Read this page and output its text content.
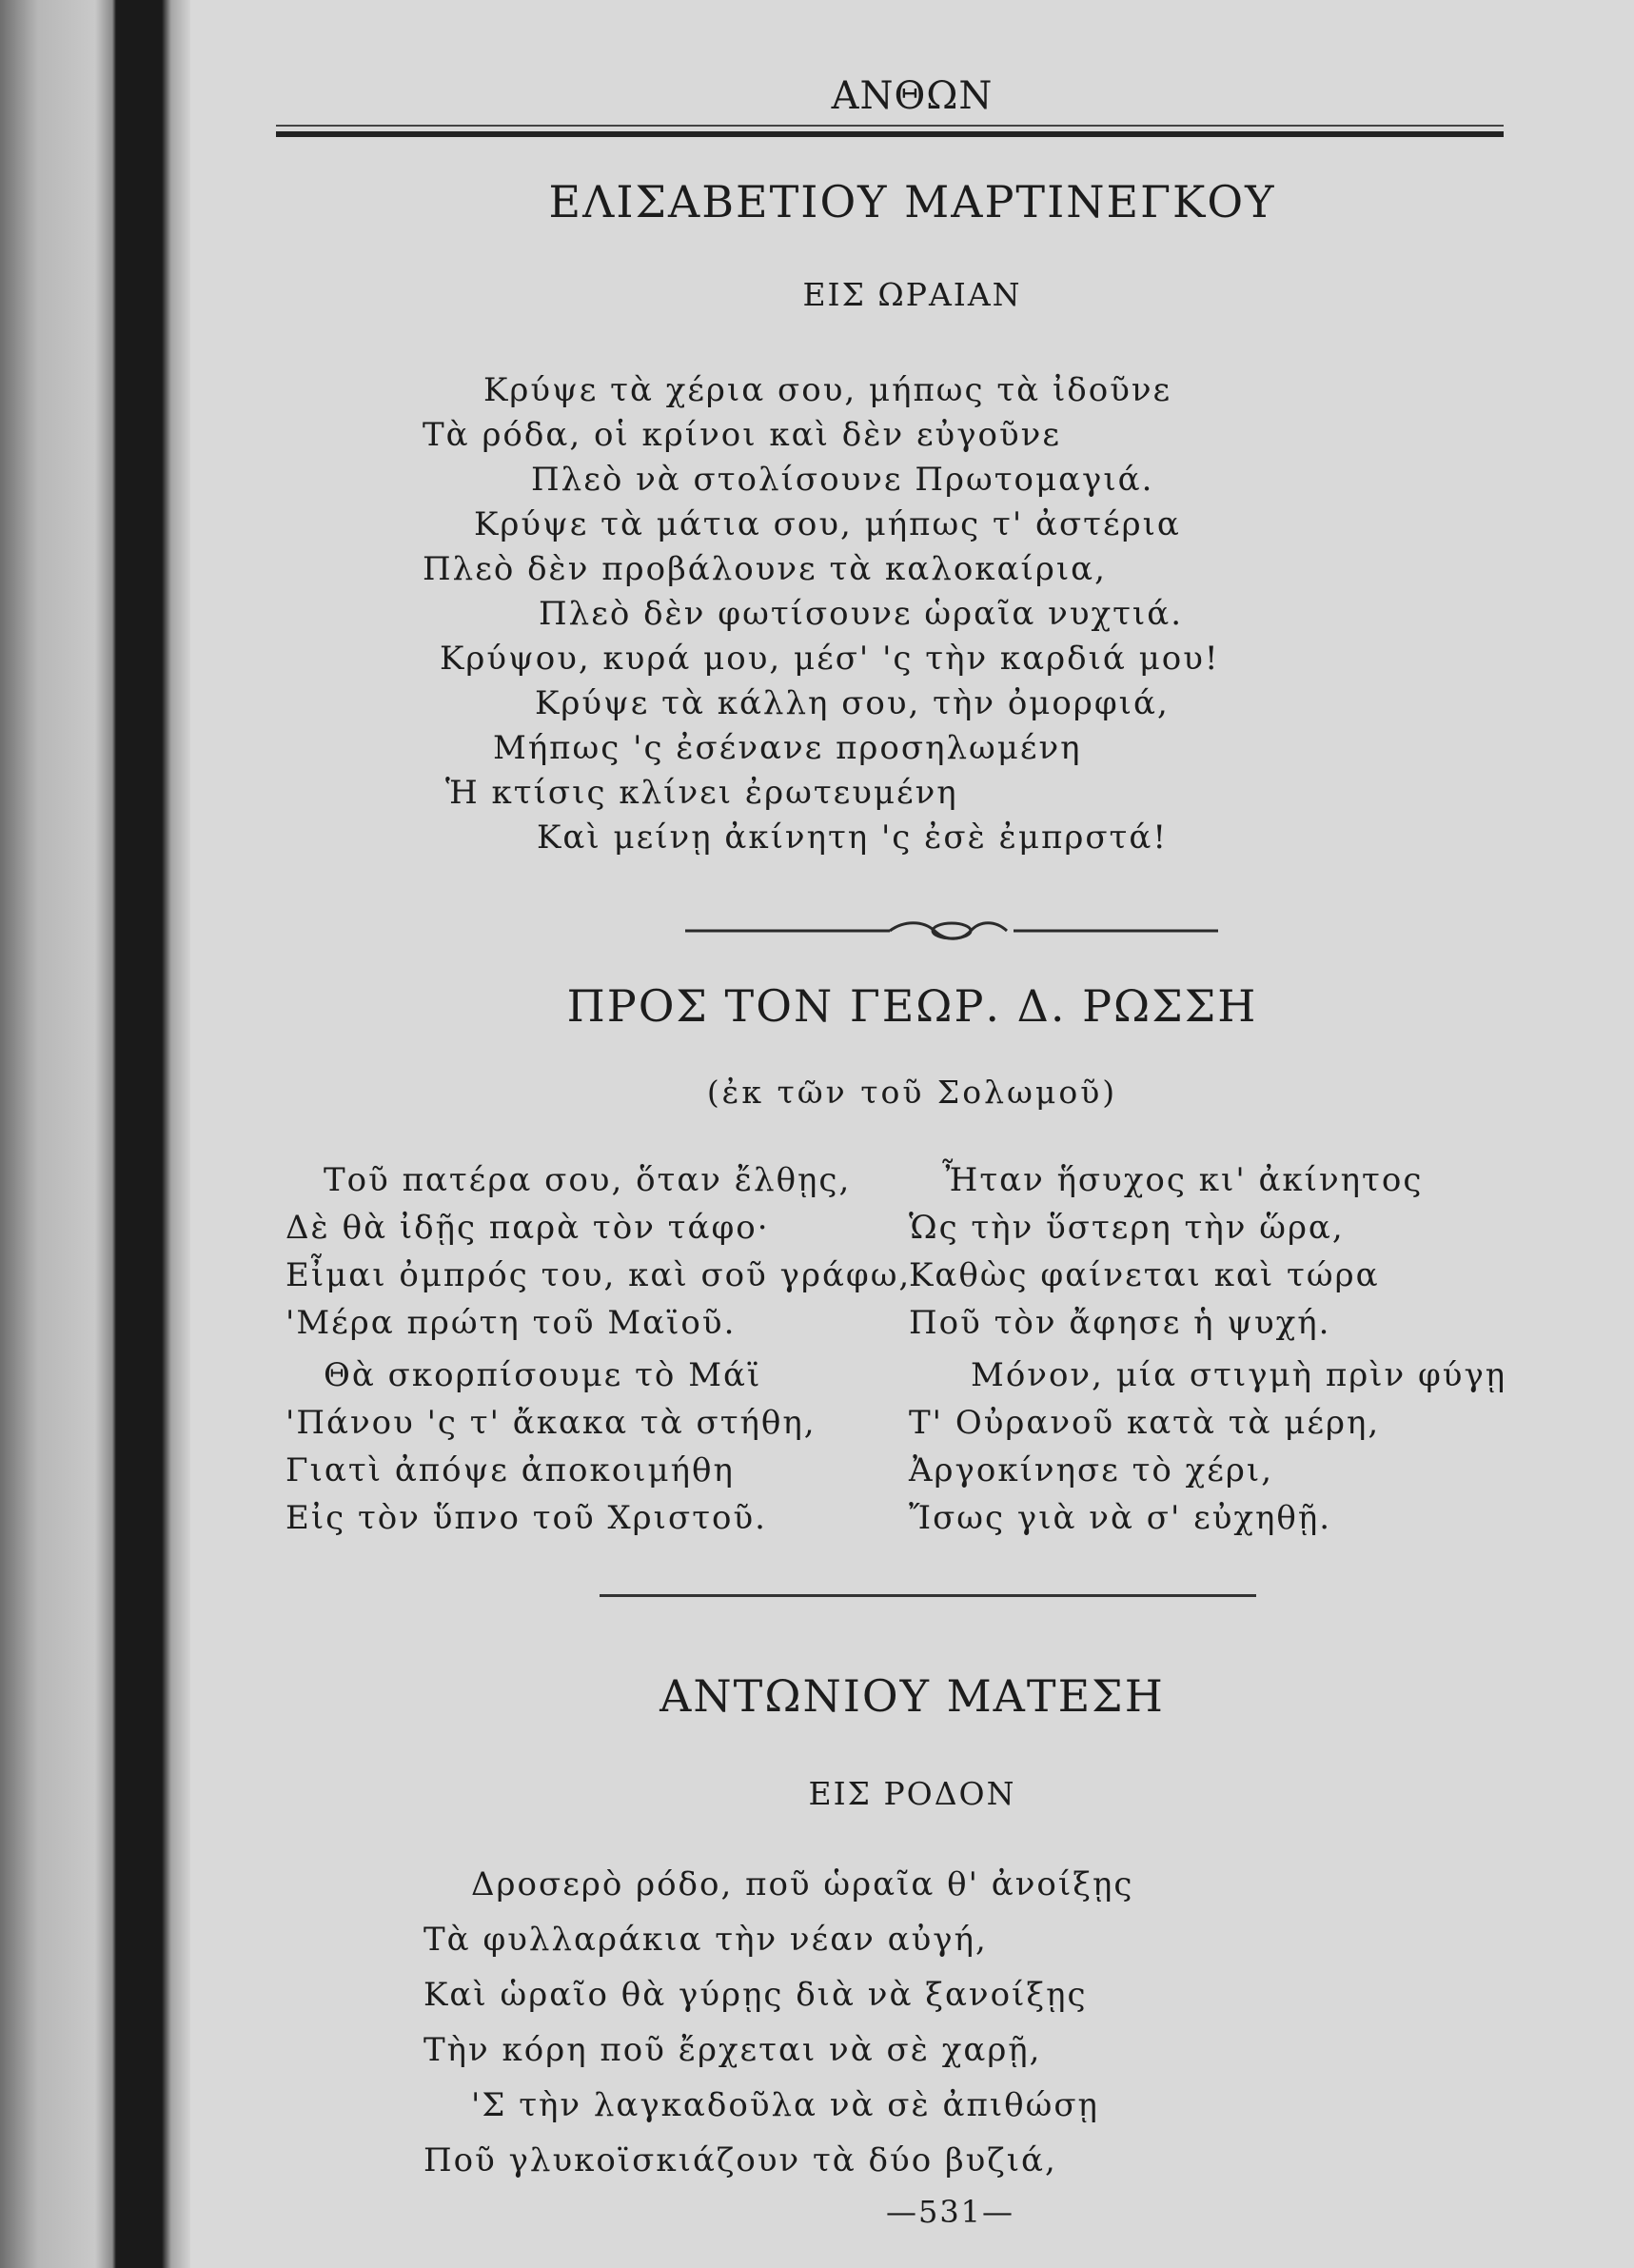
ΑΝΘΩΝ
ΕΛΙΣΑΒΕΤΙΟΥ ΜΑΡΤΙΝΕΓΚΟΥ
ΕΙΣ ΩΡΑΙΑΝ
Κρύψε τὰ χέρια σου, μήπως τὰ ἰδοῦνε
Τὰ ρόδα, οἱ κρίνοι καὶ δὲν εὐγοῦνε
Πλεὸ νὰ στολίσουνε Πρωτομαγιά.
Κρύψε τὰ μάτια σου, μήπως τ' ἀστέρια
Πλεὸ δὲν προβάλουνε τὰ καλοκαίρια,
Πλεὸ δὲν φωτίσουνε ὡραῖα νυχτιά.
Κρύψου, κυρά μου, μέσ' 'ς τὴν καρδιά μου!
Κρύψε τὰ κάλλη σου, τὴν ὀμορφιά,
Μήπως 'ς ἐσένανε προσηλωμένη
Ἡ κτίσις κλίνει ἐρωτευμένη
Καὶ μείνῃ ἀκίνητη 'ς ἐσὲ ἐμπρστά!
ΠΡΟΣ ΤΟΝ ΓΕΩΡ. Δ. ΡΩΣΣΗ
(ἐκ τῶν τοῦ Σολωμοῦ)
Τοῦ πατέρα σου, ὅταν ἔλθῃς,
Δὲ θὰ ἰδῇς παρὰ τὸν τάφο·
Εἶμαι ὀμπρός του, καὶ σοῦ γράφω,
'Μέρα πρώτη τοῦ Μαϊοῦ.
Θὰ σκορπίσουμε τὸ Μάϊ
'Πάνου 'ς τ' ἄκακα τὰ στήθη,
Γιατὶ ἀπόψε ἀποκοιμήθη
Εἰς τὸν ὕπνο τοῦ Χριστοῦ.
Ἦταν ἥσυχος κι' ἀκίνητος
Ὡς τὴν ὕστερη τὴν ὥρα,
Καθὼς φαίνεται καὶ τώρα
Ποῦ τὸν ἄφησε ἡ ψυχή.
Μόνον, μία στιγμὴ πρὶν φύγῃ
Τ' Οὐρανοῦ κατὰ τὰ μέρη,
Ἀργοκίνησε τὸ χέρι,
Ἴσως γιὰ νὰ σ' εὐχηθῇ.
ΑΝΤΩΝΙΟΥ ΜΑΤΕΣΗ
ΕΙΣ ΡΟΔΟΝ
Δροσερὸ ρόδο, ποῦ ὡραῖα θ' ἀνοίξῃς
Τὰ φυλλαράκια τὴν νέαν αὐγή,
Καὶ ὡραῖο θὰ γύρῃς διὰ νὰ ξανοίξῃς
Τὴν κόρη ποῦ ἔρχεται νὰ σὲ χαρῇ,
'Σ τὴν λαγκαδοῦλα νὰ σὲ ἀπιθώσῃ
Ποῦ γλυκοϊσκιάζουν τὰ δύο βυζιά,
—531—
